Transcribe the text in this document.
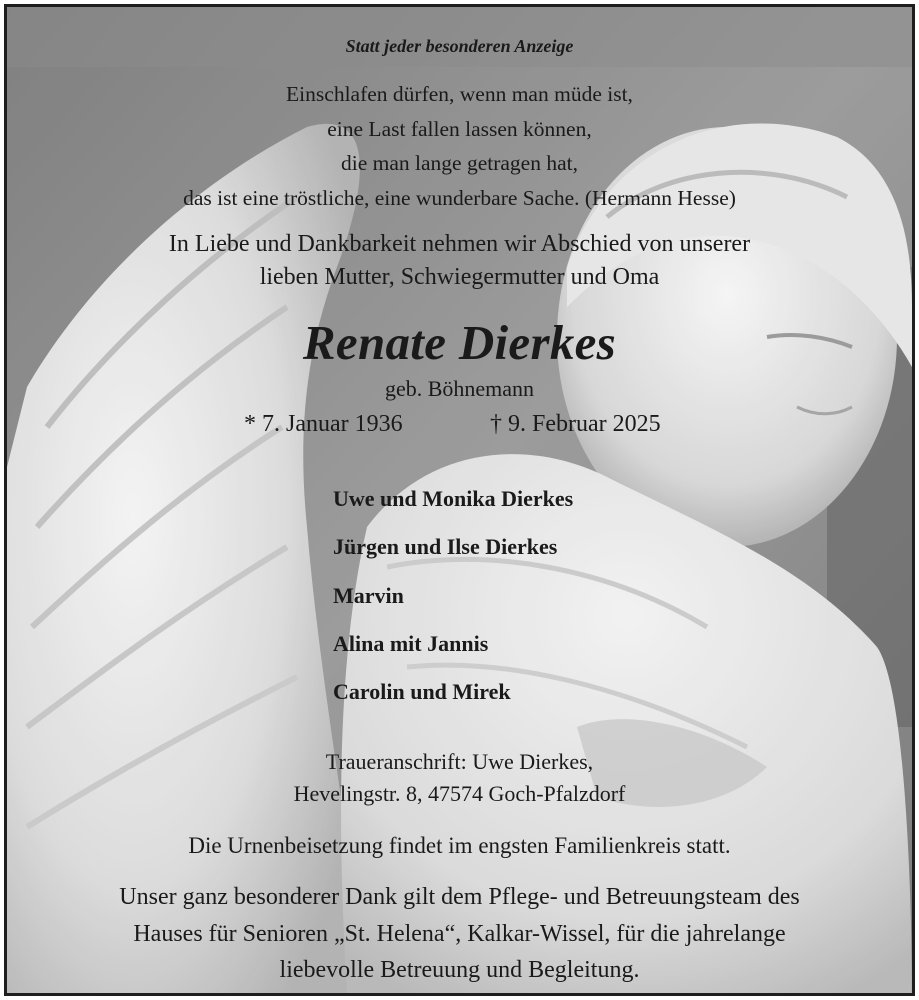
Statt jeder besonderen Anzeige
Einschlafen dürfen, wenn man müde ist,
eine Last fallen lassen können,
die man lange getragen hat,
das ist eine tröstliche, eine wunderbare Sache. (Hermann Hesse)
In Liebe und Dankbarkeit nehmen wir Abschied von unserer
lieben Mutter, Schwiegermutter und Oma
Renate Dierkes
geb. Böhnemann
* 7. Januar 1936	† 9. Februar 2025
Uwe und Monika Dierkes
Jürgen und Ilse Dierkes
Marvin
Alina mit Jannis
Carolin und Mirek
Traueranschrift: Uwe Dierkes,
Hevelingstr. 8, 47574 Goch-Pfalzdorf
Die Urnenbeisetzung findet im engsten Familienkreis statt.
Unser ganz besonderer Dank gilt dem Pflege- und Betreuungsteam des
Hauses für Senioren „St. Helena“, Kalkar-Wissel, für die jahrelange
liebevolle Betreuung und Begleitung.
